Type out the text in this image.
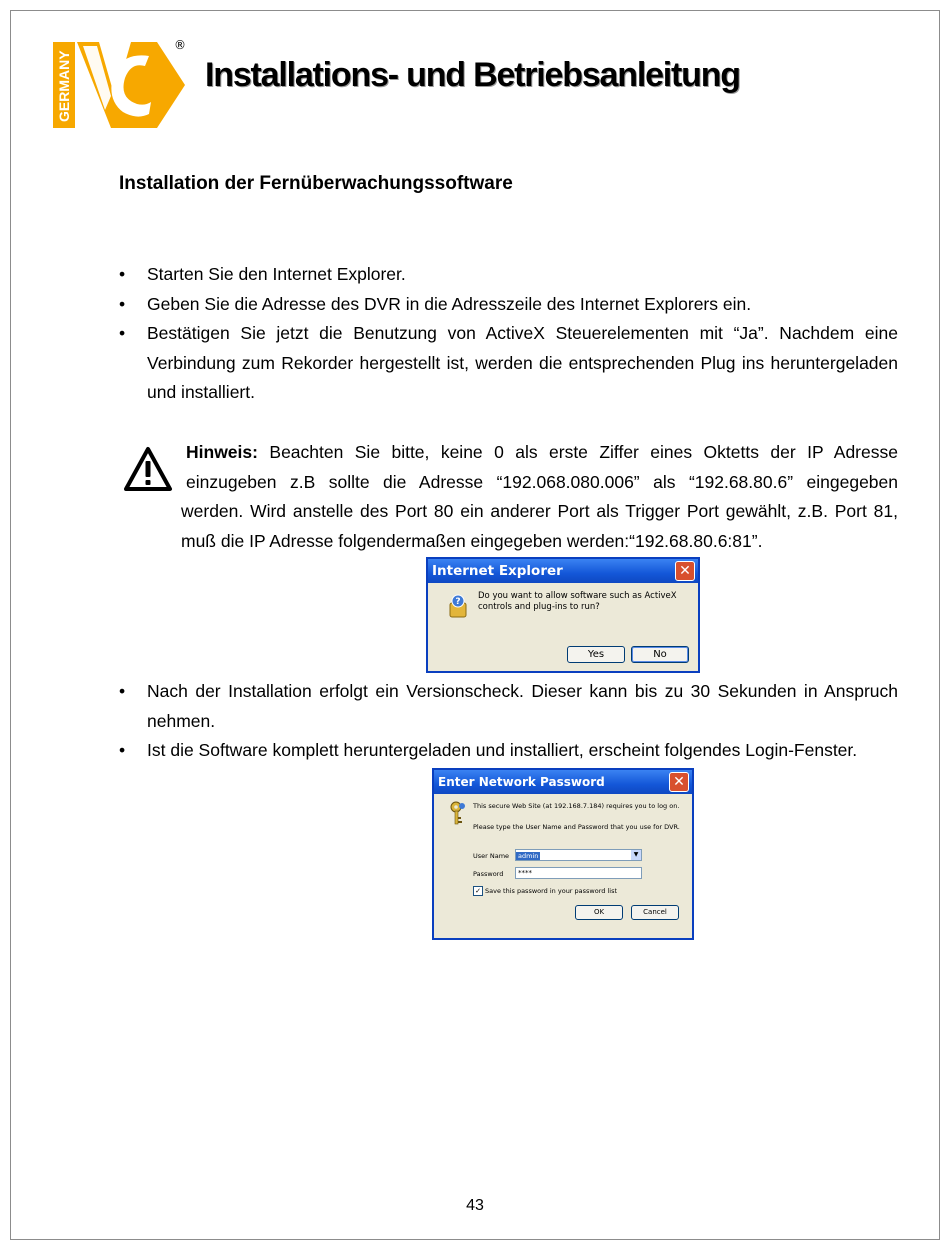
GERMANY
®
Installations- und Betriebsanleitung
Installation der Fernüberwachungssoftware
• Starten Sie den Internet Explorer.
• Geben Sie die Adresse des DVR in die Adresszeile des Internet Explorers ein.
• Bestätigen Sie jetzt die Benutzung von ActiveX Steuerelementen mit “Ja”. Nachdem eine Verbindung zum Rekorder hergestellt ist, werden die entsprechenden Plug ins heruntergeladen und installiert.
Hinweis: Beachten Sie bitte, keine 0 als erste Ziffer eines Oktetts der IP Adresse
einzugeben z.B sollte die Adresse “192.068.080.006” als “192.68.80.6” eingegeben
werden. Wird anstelle des Port 80 ein anderer Port als Trigger Port gewählt, z.B. Port 81, muß die IP Adresse folgendermaßen eingegeben werden:“192.68.80.6:81”.
Internet Explorer	✕
?
Do you want to allow software such as ActiveX controls and plug-ins to run?
Yes	No
• Nach der Installation erfolgt ein Versionscheck. Dieser kann bis zu 30 Sekunden in Anspruch nehmen.
• Ist die Software komplett heruntergeladen und installiert, erscheint folgendes Login-Fenster.
Enter Network Password	✕
This secure Web Site (at 192.168.7.184) requires you to log on.
Please type the User Name and Password that you use for DVR.
User Name	admin	▼
Password	****
✓ Save this password in your password list
OK	Cancel
43
